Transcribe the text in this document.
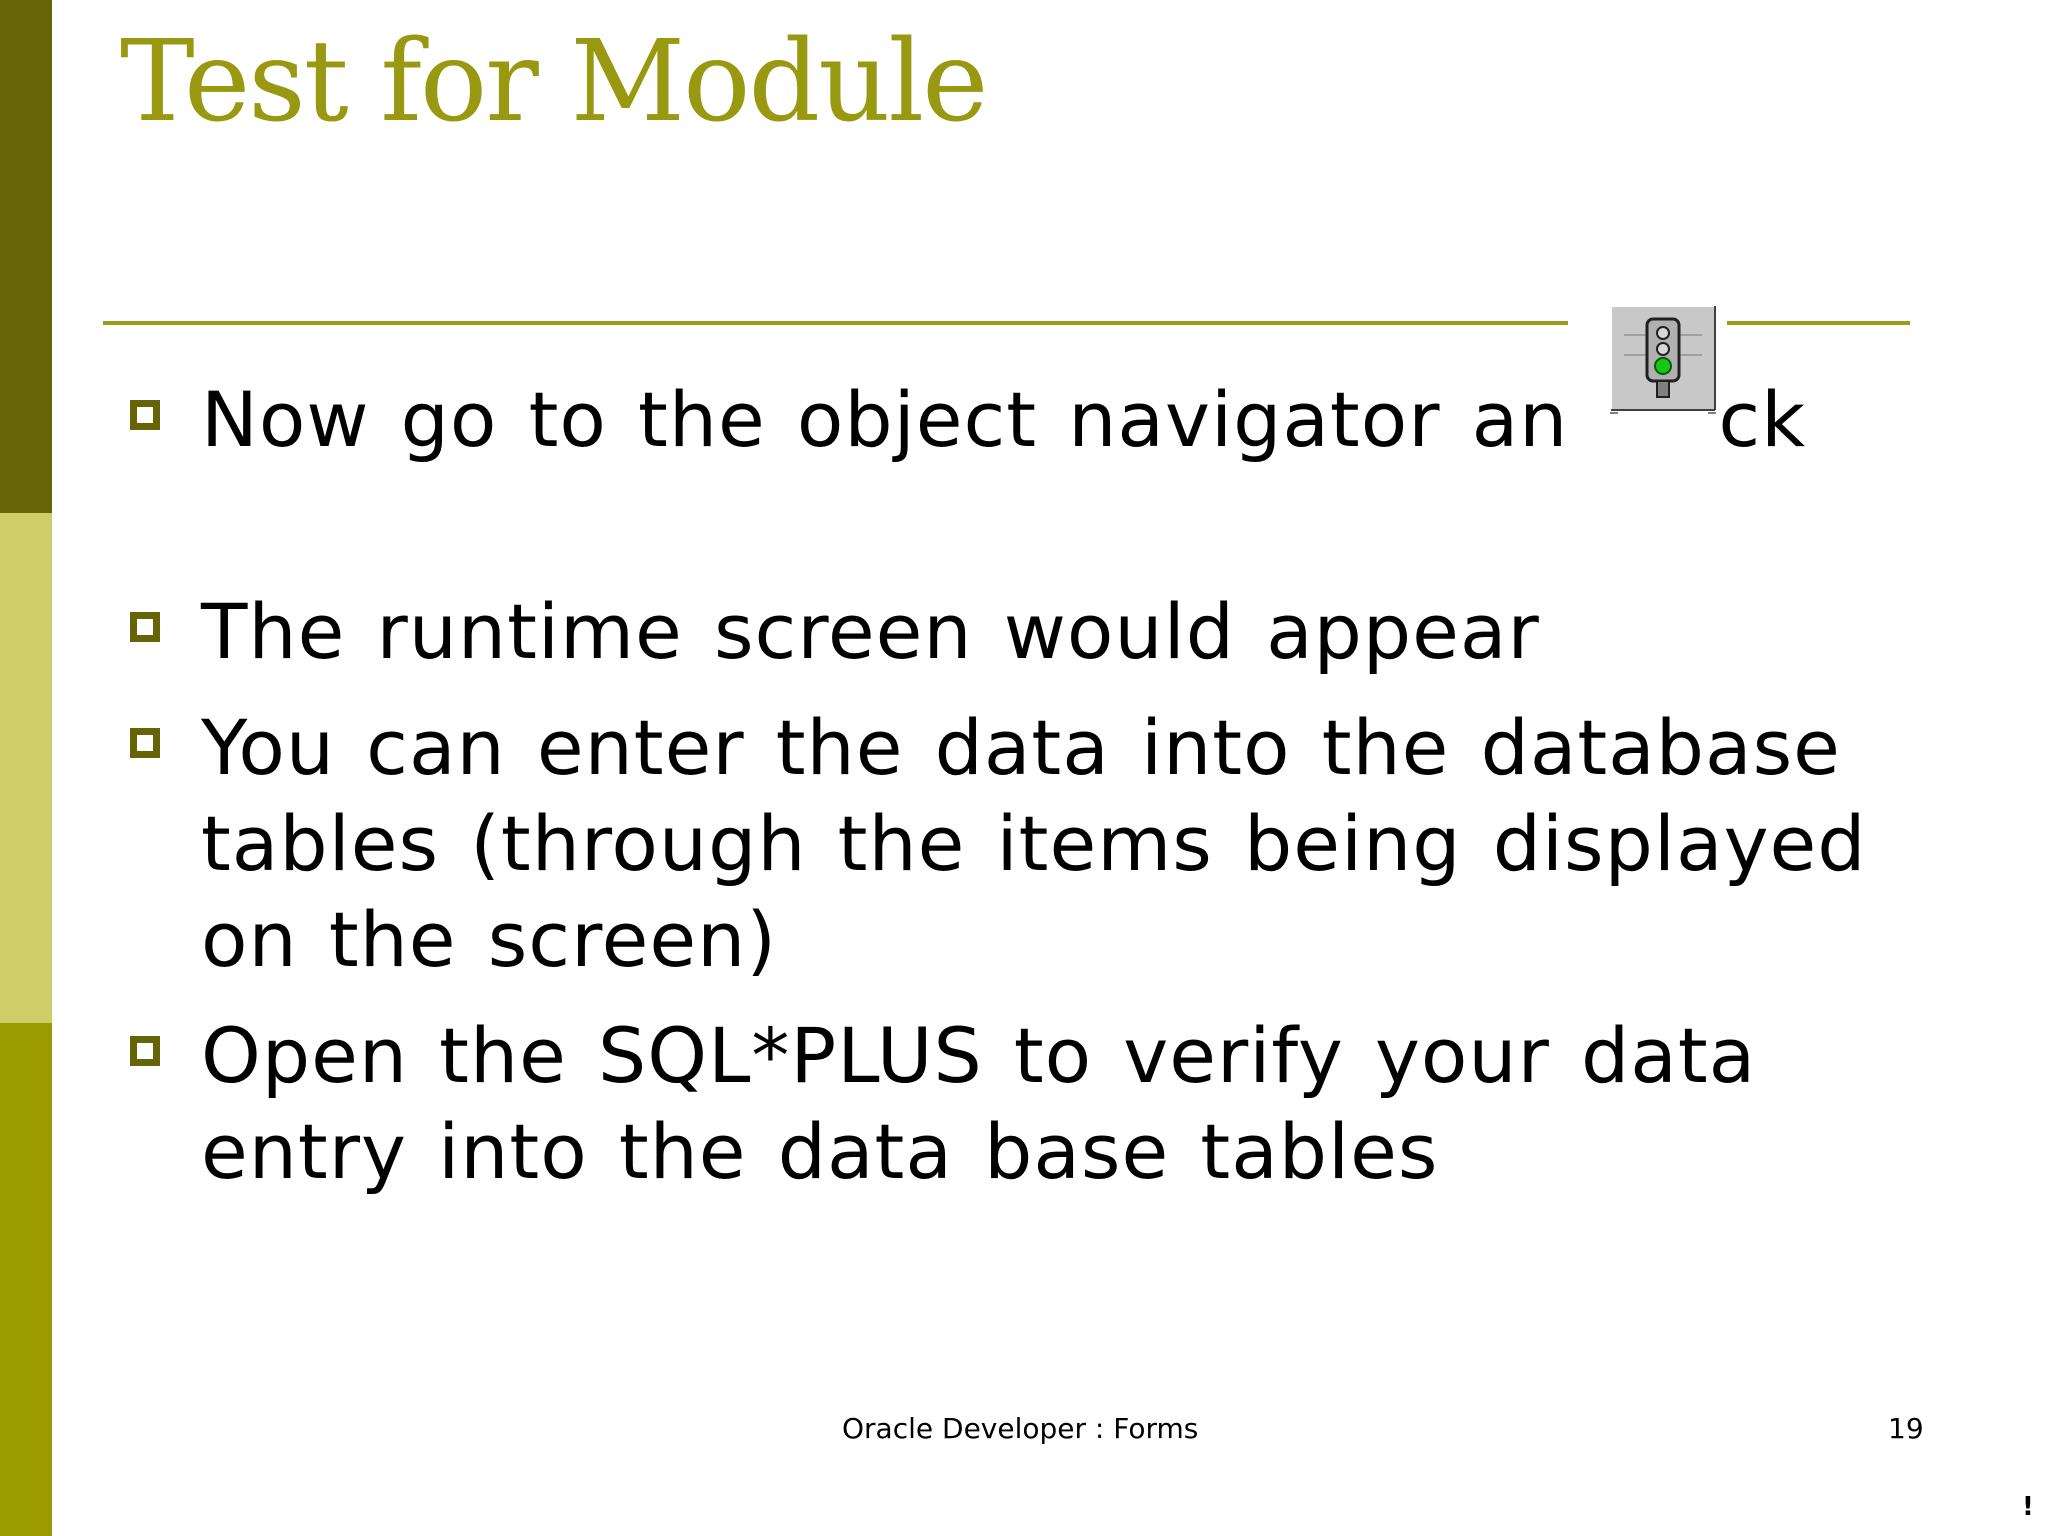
Test for Module
Now go to the object navigator an ck
The runtime screen would appear
You can enter the data into the database tables (through the items being displayed on the screen)
Open the SQL*PLUS to verify your data entry into the data base tables
Oracle Developer : Forms	19
!
